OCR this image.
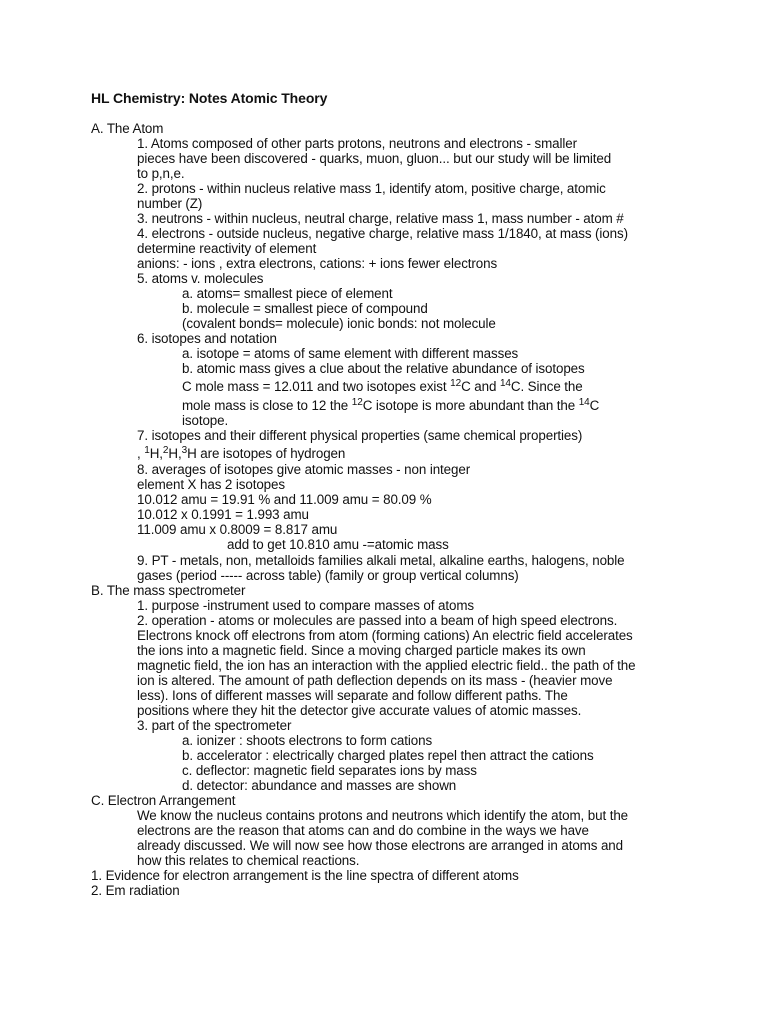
HL Chemistry: Notes Atomic Theory
A. The Atom
1. Atoms composed of other parts protons, neutrons and electrons - smaller
pieces have been discovered - quarks, muon, gluon... but our study will be limited
to p,n,e.
2. protons - within nucleus relative mass 1, identify atom, positive charge, atomic
number (Z)
3. neutrons - within nucleus, neutral charge, relative mass 1, mass number - atom #
4. electrons - outside nucleus, negative charge, relative mass 1/1840, at mass (ions)
determine reactivity of element
anions: - ions , extra electrons, cations: + ions fewer electrons
5. atoms v. molecules
a. atoms= smallest piece of element
b. molecule = smallest piece of compound
(covalent bonds= molecule) ionic bonds: not molecule
6. isotopes and notation
a. isotope = atoms of same element with different masses
b. atomic mass gives a clue about the relative abundance of isotopes
C mole mass = 12.011 and two isotopes exist $^{12}$C and $^{14}$C. Since the
mole mass is close to 12 the $^{12}$C isotope is more abundant than the $^{14}$C
isotope.
7. isotopes and their different physical properties (same chemical properties)
, $^1$H,$^2$H,$^3$H are isotopes of hydrogen
8. averages of isotopes give atomic masses - non integer
element X has 2 isotopes
10.012 amu = 19.91 % and 11.009 amu = 80.09 %
10.012 x 0.1991 = 1.993 amu
11.009 amu x 0.8009 = 8.817 amu
add to get 10.810 amu -=atomic mass
9. PT - metals, non, metalloids families alkali metal, alkaline earths, halogens, noble
gases (period ----- across table) (family or group vertical columns)
B. The mass spectrometer
1. purpose -instrument used to compare masses of atoms
2. operation - atoms or molecules are passed into a beam of high speed electrons.
Electrons knock off electrons from atom (forming cations) An electric field accelerates
the ions into a magnetic field. Since a moving charged particle makes its own
magnetic field, the ion has an interaction with the applied electric field.. the path of the
ion is altered. The amount of path deflection depends on its mass - (heavier move
less). Ions of different masses will separate and follow different paths. The
positions where they hit the detector give accurate values of atomic masses.
3. part of the spectrometer
a. ionizer : shoots electrons to form cations
b. accelerator : electrically charged plates repel then attract the cations
c. deflector: magnetic field separates ions by mass
d. detector: abundance and masses are shown
C. Electron Arrangement
We know the nucleus contains protons and neutrons which identify the atom, but the
electrons are the reason that atoms can and do combine in the ways we have
already discussed. We will now see how those electrons are arranged in atoms and
how this relates to chemical reactions.
1. Evidence for electron arrangement is the line spectra of different atoms
2. Em radiation
